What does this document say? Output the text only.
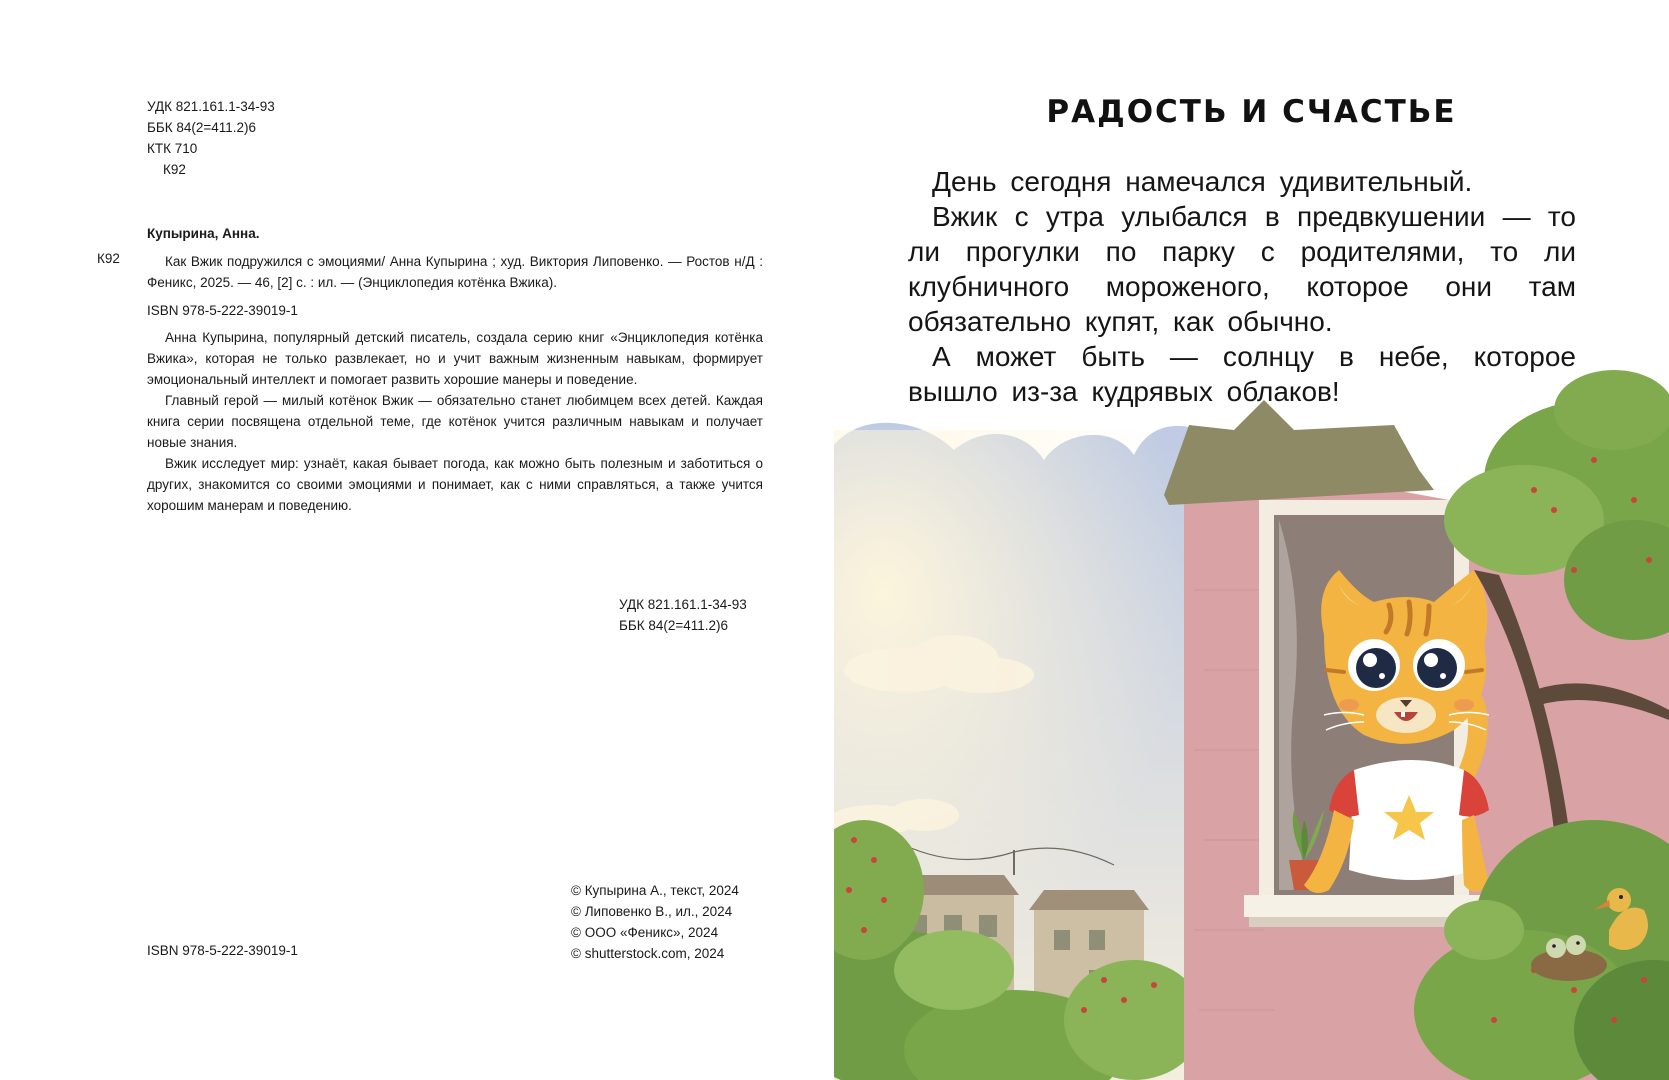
УДК 821.161.1-34-93
ББК 84(2=411.2)6
КТК 710
К92
Купырина, Анна.
К92	Как Вжик подружился с эмоциями/ Анна Купырина ; худ. Виктория Липовенко. — Ростов н/Д : Феникс, 2025. — 46, [2] с. : ил. — (Энциклопедия котёнка Вжика).
ISBN 978-5-222-39019-1

Анна Купырина, популярный детский писатель, создала серию книг «Энциклопедия котёнка Вжика», которая не только развлекает, но и учит важным жизненным навыкам, формирует эмоциональный интеллект и помогает развить хорошие манеры и поведение.

Главный герой — милый котёнок Вжик — обязательно станет любимцем всех детей. Каждая книга серии посвящена отдельной теме, где котёнок учится различным навыкам и получает новые знания.

Вжик исследует мир: узнаёт, какая бывает погода, как можно быть полезным и заботиться о других, знакомится со своими эмоциями и понимает, как с ними справляться, а также учится хорошим манерам и поведению.

УДК 821.161.1-34-93
ББК 84(2=411.2)6
© Купырина А., текст, 2024
© Липовенко В., ил., 2024
© ООО «Феникс», 2024
© shutterstock.com, 2024
ISBN 978-5-222-39019-1
РАДОСТЬ И СЧАСТЬЕ

День сегодня намечался удивительный.

Вжик с утра улыбался в предвкушении — то ли прогулки по парку с родителями, то ли клубничного мороженого, которое они там обязательно купят, как обычно.

А может быть — солнцу в небе, которое вышло из-за кудрявых облаков!
